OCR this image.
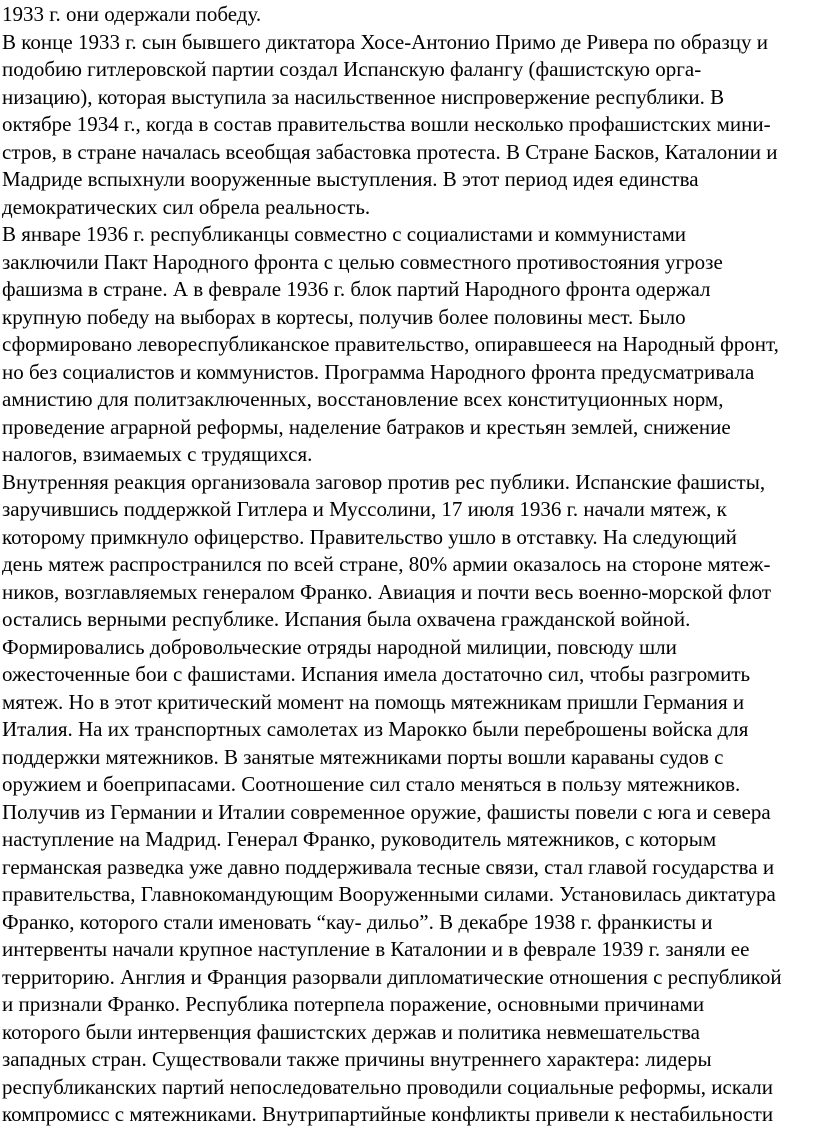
1933 г. они одержали победу.
В конце 1933 г. сын бывшего диктатора Хосе-Антонио Примо де Ривера по образцу и
подобию гитлеровской партии создал Испанскую фалангу (фашистскую орга-
низацию), которая выступила за насильственное ниспровержение республики. В
октябре 1934 г., когда в состав правительства вошли несколько профашистских мини-
стров, в стране началась всеобщая забастовка протеста. В Стране Басков, Каталонии и
Мадриде вспыхнули вооруженные выступления. В этот период идея единства
демократических сил обрела реальность.
В январе 1936 г. республиканцы совместно с социалистами и коммунистами
заключили Пакт Народного фронта с целью совместного противостояния угрозе
фашизма в стране. А в феврале 1936 г. блок партий Народного фронта одержал
крупную победу на выборах в кортесы, получив более половины мест. Было
сформировано левореспубликанское правительство, опиравшееся на Народный фронт,
но без социалистов и коммунистов. Программа Народного фронта предусматривала
амнистию для политзаключенных, восстановление всех конституционных норм,
проведение аграрной реформы, наделение батраков и крестьян землей, снижение
налогов, взимаемых с трудящихся.
Внутренняя реакция организовала заговор против рес публики. Испанские фашисты,
заручившись поддержкой Гитлера и Муссолини, 17 июля 1936 г. начали мятеж, к
которому примкнуло офицерство. Правительство ушло в отставку. На следующий
день мятеж распространился по всей стране, 80% армии оказалось на стороне мятеж-
ников, возглавляемых генералом Франко. Авиация и почти весь военно-морской флот
остались верными республике. Испания была охвачена гражданской войной.
Формировались добровольческие отряды народной милиции, повсюду шли
ожесточенные бои с фашистами. Испания имела достаточно сил, чтобы разгромить
мятеж. Но в этот критический момент на помощь мятежникам пришли Германия и
Италия. На их транспортных самолетах из Марокко были переброшены войска для
поддержки мятежников. В занятые мятежниками порты вошли караваны судов с
оружием и боеприпасами. Соотношение сил стало меняться в пользу мятежников.
Получив из Германии и Италии современное оружие, фашисты повели с юга и севера
наступление на Мадрид. Генерал Франко, руководитель мятежников, с которым
германская разведка уже давно поддерживала тесные связи, стал главой государства и
правительства, Главнокомандующим Вооруженными силами. Установилась диктатура
Франко, которого стали именовать “кау- дильо”. В декабре 1938 г. франкисты и
интервенты начали крупное наступление в Каталонии и в феврале 1939 г. заняли ее
территорию. Англия и Франция разорвали дипломатические отношения с республикой
и признали Франко. Республика потерпела поражение, основными причинами
которого были интервенция фашистских держав и политика невмешательства
западных стран. Существовали также причины внутреннего характера: лидеры
республиканских партий непоследовательно проводили социальные реформы, искали
компромисс с мятежниками. Внутрипартийные конфликты привели к нестабильности
